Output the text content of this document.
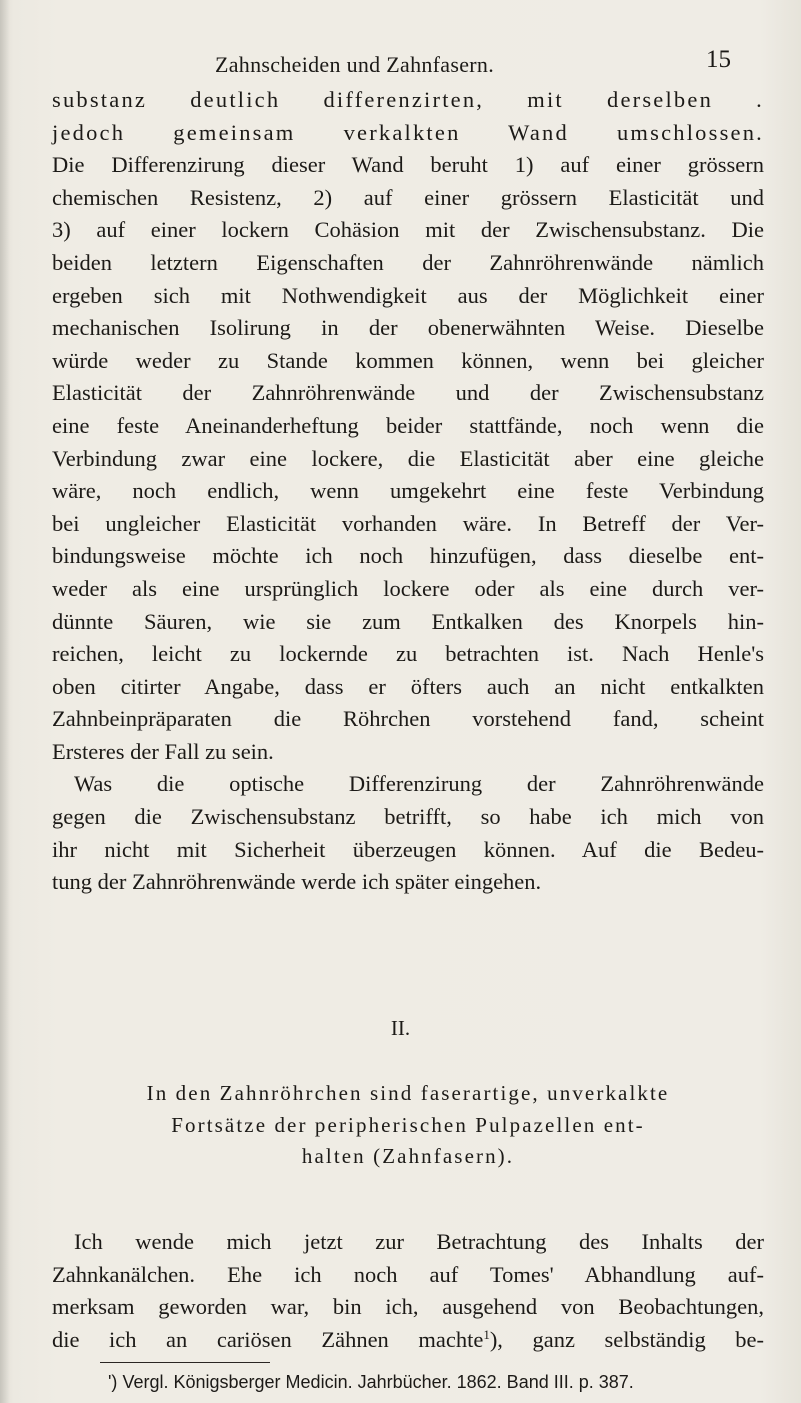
Zahnscheiden und Zahnfasern.	15
substanz deutlich differenzirten, mit derselben .
jedoch gemeinsam verkalkten Wand umschlossen.
Die Differenzirung dieser Wand beruht 1) auf einer grössern
chemischen Resistenz, 2) auf einer grössern Elasticität und
3) auf einer lockern Cohäsion mit der Zwischensubstanz. Die
beiden letztern Eigenschaften der Zahnröhrenwände nämlich
ergeben sich mit Nothwendigkeit aus der Möglichkeit einer
mechanischen Isolirung in der obenerwähnten Weise. Dieselbe
würde weder zu Stande kommen können, wenn bei gleicher
Elasticität der Zahnröhrenwände und der Zwischensubstanz
eine feste Aneinanderheftung beider stattfände, noch wenn die
Verbindung zwar eine lockere, die Elasticität aber eine gleiche
wäre, noch endlich, wenn umgekehrt eine feste Verbindung
bei ungleicher Elasticität vorhanden wäre. In Betreff der Ver-
bindungsweise möchte ich noch hinzufügen, dass dieselbe ent-
weder als eine ursprünglich lockere oder als eine durch ver-
dünnte Säuren, wie sie zum Entkalken des Knorpels hin-
reichen, leicht zu lockernde zu betrachten ist. Nach Henle's
oben citirter Angabe, dass er öfters auch an nicht entkalkten
Zahnbeinpräparaten die Röhrchen vorstehend fand, scheint
Ersteres der Fall zu sein.
Was die optische Differenzirung der Zahnröhrenwände
gegen die Zwischensubstanz betrifft, so habe ich mich von
ihr nicht mit Sicherheit überzeugen können. Auf die Bedeu-
tung der Zahnröhrenwände werde ich später eingehen.
II.
In den Zahnröhrchen sind faserartige, unverkalkte
Fortsätze der peripherischen Pulpazellen ent-
halten (Zahnfasern).
Ich wende mich jetzt zur Betrachtung des Inhalts der
Zahnkanälchen. Ehe ich noch auf Tomes' Abhandlung auf-
merksam geworden war, bin ich, ausgehend von Beobachtungen,
die ich an cariösen Zähnen machte$^1$), ganz selbständig be-
') Vergl. Königsberger Medicin. Jahrbücher. 1862. Band III. p. 387.
